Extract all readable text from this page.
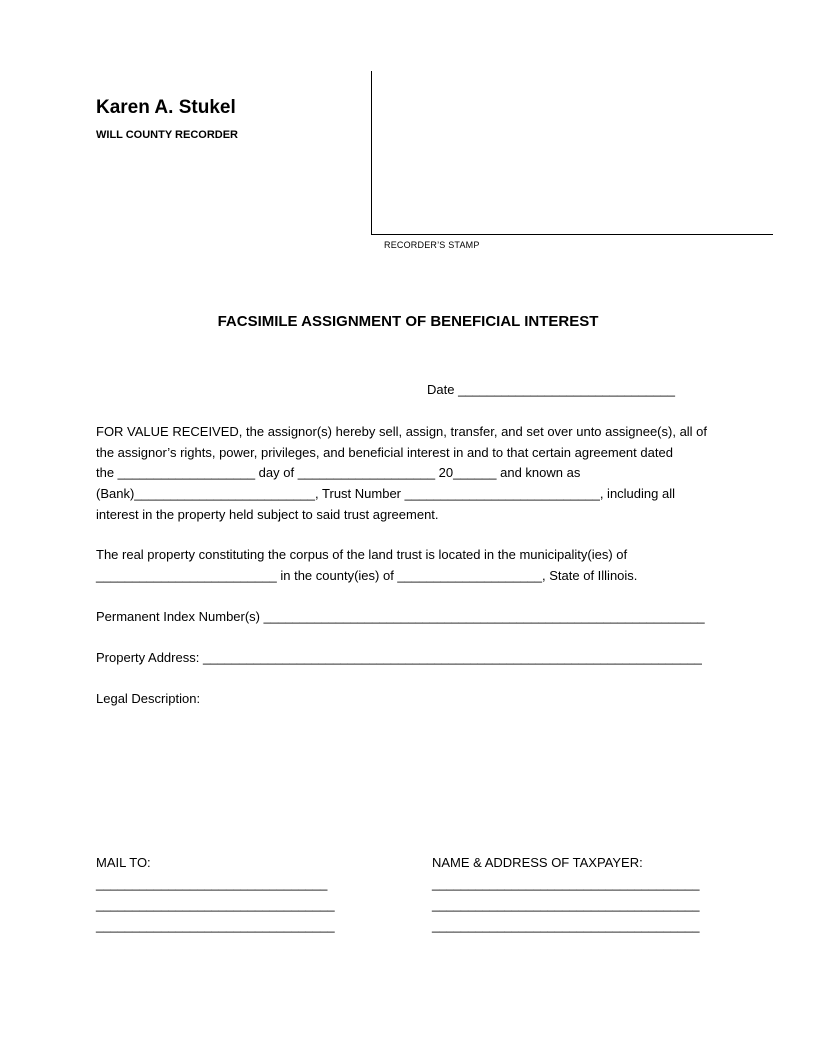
Karen A. Stukel
WILL COUNTY RECORDER
RECORDER’S STAMP
FACSIMILE ASSIGNMENT OF BENEFICIAL INTEREST
Date ______________________________
FOR VALUE RECEIVED, the assignor(s) hereby sell, assign, transfer, and set over unto assignee(s), all of
the assignor’s rights, power, privileges, and beneficial interest in and to that certain agreement dated
the ___________________ day of ___________________ 20______ and known as
(Bank)_________________________, Trust Number ___________________________, including all
interest in the property held subject to said trust agreement.
The real property constituting the corpus of the land trust is located in the municipality(ies) of
_________________________ in the county(ies) of ____________________, State of Illinois.
Permanent Index Number(s) _____________________________________________________________
Property Address: _____________________________________________________________________
Legal Description:
MAIL TO:
________________________________
_________________________________
_________________________________
NAME & ADDRESS OF TAXPAYER:
_____________________________________
_____________________________________
_____________________________________
